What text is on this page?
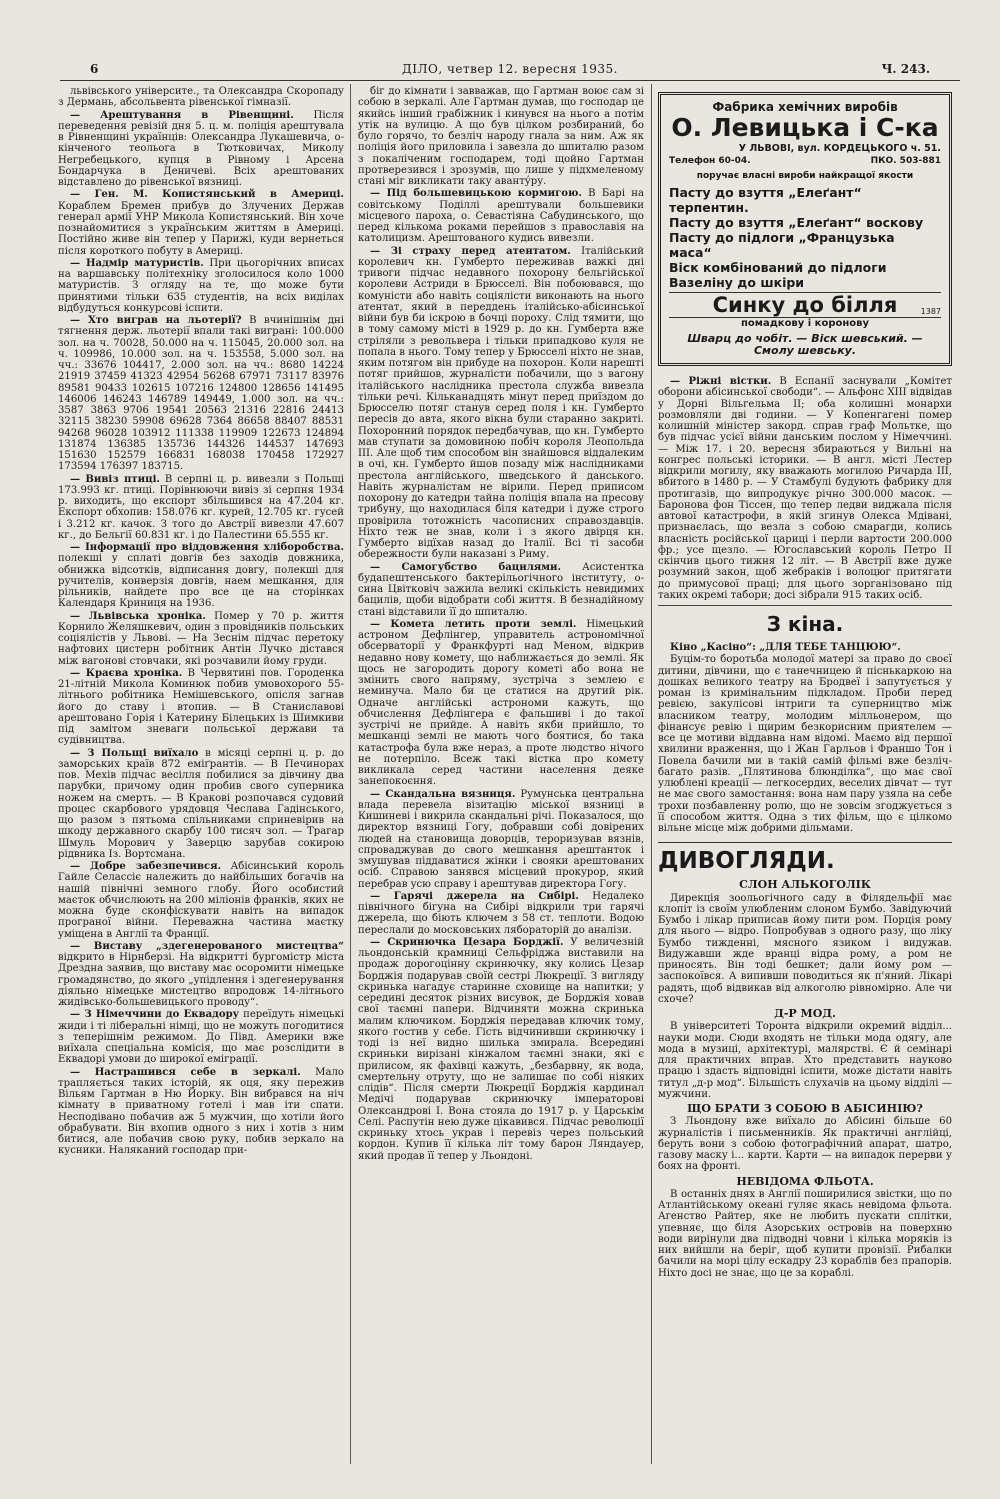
6	ДІЛО, четвер 12. вересня 1935.	Ч. 243.

львівського університе., та Олександра Скоропаду з Дермань, абсольвента рівенської гімназії.

— Арештування в Рівенщині. Після переведення ревізій дня 5. ц. м. поліція арештувала в Рівненщині українців: Олександра Лукашевича, о-кінченого теольога в Тютковичах, Миколу Негребецького, купця в Рівному і Арсена Бондарчука в Деничеві. Всіх арештованих відставлено до рівенської вязниці.

— Ген. М. Копистянський в Америці. Кораблем Бремен прибув до Злучених Держав генерал армії УНР Микола Копистянський. Він хоче познайомитися з українським життям в Америці. Постійно живе він тепер у Парижі, куди вернеться після короткого побуту в Америці.

— Надмір матуристів. При цьогорічних вписах на варшавську політехніку зголосилося коло 1000 матуристів. З огляду на те, що може бути принятими тільки 635 студентів, на всіх виділах відбудуться конкурсові іспити.

— Хто виграв на льотерії? В вчинішнім дні тягнення держ. льотерії впали такі виграні: 100.000 зол. на ч. 70028, 50.000 на ч. 115045, 20.000 зол. на ч. 109986, 10.000 зол. на ч. 153558, 5.000 зол. на чч.: 33676 104417, 2.000 зол. на чч.: 8680 14224 21919 37459 41323 42954 56268 67971 73117 83976 89581 90433 102615 107216 124800 128656 141495 146006 146243 146789 149449, 1.000 зол. на чч.: 3587 3863 9706 19541 20563 21316 22816 24413 32115 38230 59908 69628 7364 86658 88407 88531 94268 96028 103912 111338 119909 122673 124894 131874 136385 135736 144326 144537 147693 151630 152579 166831 168038 170458 172927 173594 176397 183715.

— Вивіз птиці. В серпні ц. р. вивезли з Польщі 173.993 кг. птиці. Порівнюючи вивіз зі серпня 1934 р. виходить, що експорт збільшився на 47.204 кг. Експорт обхопив: 158.076 кг. курей, 12.705 кг. гусей і 3.212 кг. качок. З того до Австрії вивезли 47.607 кг., до Бельгії 60.831 кг. і до Палестини 65.555 кг.

— Інформації про віддовження хліборобства. полекші у сплаті довгів без заходів довжника, обнижка відсотків, відписання довгу, полекші для ручителів, конверзія довгів, наем мешкання, для рільників, найдете про все це на сторінках Календаря Криниця на 1936.

— Львівська хроніка. Помер у 70 р. життя Корнило Желяшкевич, один з провідників польських соціялістів у Львові. — На Зеснім підчас перетоку нафтових цистерн робітник Антін Лучко дістався між вагонові стовчаки, які розчавили йому груди.

— Краєва хроніка. В Червятині пов. Городенка 21-літній Микола Коминюк побив умовохорого 55-літнього робітника Немішевського, опісля загнав його до ставу і втопив. — В Станиславові арештовано Горія і Катерину Білецьких із Шимкиви під замітом зневаги польської держави та судівництва.

— З Польщі виїхало в місяці серпні ц. р. до заморських країв 872 еміґрантів. — В Печинорах пов. Мехів підчас весілля побилися за дівчину два парубки, причому один пробив свого суперника ножем на смерть. — В Кракові розпочався судовий процес скарбового урядовця Чеслава Гадінського, що разом з пятьома спільниками сприневірив на шкоду державного скарбу 100 тисяч зол. — Трагар Шмуль Морович у Заверцю зарубав сокирою рідвника Із. Вортсмана.

— Добре забезпечився. Абісинський король Гайле Селассіє належить до найбільших богачів на нашій північні земного глобу. Його особистий маєток обчислюють на 200 міліонів франків, яких не можна буде сконфіскувати навіть на випадок програної війни. Переважна частина маєтку уміщена в Англії та Франції.

— Виставу „здегенерованого мистецтва“ відкрито в Нірнберзі. На відкритті бургомістр міста Дрездна заявив, що виставу має осоромити німецьке громадянство, до якого „упідлення і здегенерування діяльно німецьке мистецтво впродовж 14-літнього жидівсько-большевицького проводу“.

— З Німеччини до Еквадору переїдуть німецькі жиди і ті ліберальні німці, що не можуть погодитися з теперішнім режимом. Дo Півд. Америки вже виїхала спеціальна комісія, що має розслідити в Еквадорі умови до широкої еміграції.

— Настрашився себе в зеркалі. Мало трапляється таких історій, як оця, яку пережив Вільям Гартман в Ню Йорку. Він вибрався на ніч кімнату в приватному готелі і мав іти спати. Несподівано побачив аж 5 мужчин, що хотіли його обрабувати. Він вхопив одного з них і хотів з ним битися, але побачив свою руку, побив зеркало на кусники. Наляканий господар при-

біг до кімнати і завважав, що Гартман воює сам зі собою в зеркалі. Але Гартман думав, що господар це якийсь інший грабіжник і кинувся на нього а потім утік на вулицю. А що був цілком розбираний, бо було горячо, то безліч народу гнала за ним. Аж як поліція його приловила і завезла до шпиталю разом з покаліченим господарем, тоді щойно Гартман протверезився і зрозумів, що лише у підхмеленому стані міг викликати таку аванту́ру.

— Під большевицькою кормигою. В Барі на совітському Поділлі арештували большевики місцевого пароха, о. Севастіяна Сабудинського, що перед кількома роками перейшов з православія на католицизм. Арештованого кудись вивезли.

— Зі страху перед атентатом. Італійський королевич кн. Гумберто переживав важкі дні тривоги підчас недавного похорону бельгійської королеви Астриди в Брюсселі. Він побоювався, що комуністи або навіть соціялісти виконають на нього атентат, який в переддень італійсько-абісинської війни був би іскрою в бочці пороху. Слід тямити, що в тому самому місті в 1929 р. до кн. Гумберта вже стріляли з револьвера і тільки припадково куля не попала в нього. Тому тепер у Брюсселі ніхто не знав, яким потягом він прибуде на похорон. Коли нарешті потяг прийшов, журналісти побачили, що з вагону італійського наслідника престола служба вивезла тільки речі. Кільканадцять мінут перед приїздом до Брюсселю потяг станув серед поля і кн. Гумберто пересів до авта, якого вікна були старанно закриті. Похоронний порядок передбачував, що кн. Гумберто мав ступати за домовиною побіч короля Леопольда III. Але щоб тим способом він знайшовся віддалеким в очі, кн. Гумберто йшов позаду між наслідниками престола англійського, шведського й данського. Навіть журналістам не вірили. Перед приписом похорону до катедри тайна поліція впала на пресову трибуну, що находилася біля катедри і дуже строго провірила тотожність часописних справоздавців. Ніхто теж не знав, коли і з якого двірця кн. Гумберто відїхав назад до Італії. Всі ті засоби обережности були наказані з Риму.

— Самогубство бацилями. Асистентка будапештенського бактерільогічного інституту, о-сина Цвітковіч зажила великі скількість невидимих бацилів, щоби відобрати собі життя. В безнадійному стані відставили її до шпиталю.

— Комета летить проти землі. Німецький астроном Дефлінгер, управитель астрономічної обсерваторії у Франкфурті над Меном, відкрив недавно нову комету, що наближається до землі. Як щось не загородить дорогу кометі або вона не змінить свого напряму, зустріча з землею є неминуча. Мало би це статися на другий рік. Одначе англійські астрономи кажуть, що обчислення Дефлінгера є фальшиві і до такої зустрічі не прийде. А навіть якби прийшло, то мешканці землі не мають чого боятися, бо така катастрофа була вже нераз, а проте людство нічого не потерпіло. Всеж такі вістка про комету викликала серед частини населення деяке занепокоєння.

— Скандальна вязниця. Румунська центральна влада перевела візитацію міської вязниці в Кишиневі і викрила скандальні річі. Показалося, що директор вязниці Гогу, добравши собі довірених людей на становища доворців, тероризував вязнів, спроваджував до свого мешкання арештанток і змушував піддаватися жінки і свояки арештованих осіб. Справою занявся місцевий прокурор, який перебрав усю справу і арештував директора Гогу.

— Гарячі джерела на Сибірі. Недалеко північного бігуна на Сибірі відкрили три гарячі джерела, що біють ключем з 58 ст. теплоти. Водою переслали до московських лябораторій до аналізи.

— Скринючка Цезара Борджії. У величезній льондонській крамниці Сельфріджа виставили на продаж дорогоцінну скринючку, яку колись Цезар Борджія подарував своїй сестрі Люкреції. З вигляду скринька нагадує старинне сховище на напитки; у середині десяток різних висувок, де Борджія ховав свої таємні папери. Відчиняти можна скринька малим ключиком. Борджія передавав ключик тому, якого гостив у себе. Гість відчинивши скринючку і тоді із неї видно шилька змирала. Всередині скриньки вирізані кінжалом таємні знаки, які є прилисом, як фахівці кажуть, „безбарвну, як вода, смертельну отруту, що не залишає по собі ніяких слідів“. Після смерти Люкреції Борджія кардинал Медічі подарував скринючку імператорові Олександрові І. Вона стояла до 1917 р. у Царськім Селі. Распутін нею дуже цікавився. Підчас революції скринькy хтось украв і перевіз через польський кордон. Купив її кілька літ тому барон Ляндауер, який продав її тепер у Льондоні.

Фабрика хемічних виробів
О. Левицька і С-ка
У ЛЬВОВІ, вул. КОРДЕЦЬКОГО ч. 51.
Телефон 60-04.	ПКО. 503-881
поручає власні вироби найкращої якости
Пасту до взуття „Елеґант“ терпентин.
Пасту до взуття „Елеґант“ воскову
Пасту до підлоги „Французька маса“
Віск комбінований до підлоги
Вазеліну до шкіри
Синку до білля
помадкову і коронову
1387
Шварц до чобіт. — Віск шевський. — Смолу шевську.

— Ріжні вістки. В Еспанії заснували „Комітет оборони абісинської свободи“. — Альфонс XIII відвідав у Дорні Вільгельма II; оба колишні монархи розмовляли дві години. — У Копенгагені помер колишній міністер закорд. справ граф Мольтке, що був підчас усієї війни данським послом у Німеччині. — Між 17. і 20. вересня збираються у Вильні на конгрес польські історики. — В англ. місті Лестер відкрили могилу, яку вважають могилою Ричарда III, вбитого в 1480 р. — У Стамбулі будують фабрику для протигазів, що випродукує річно 300.000 масок. — Баронова фон Тіссен, що тепер ледви виджала після автової катастрофи, в якій згинув Олекса Мдівані, признаєлась, що везла з собою смарагди, колись власність російської цариці і перли вартости 200.000 фр.; усе щезло. — Югославський король Петро ІІ скінчив цього тижня 12 літ. — В Австрії вже дуже розумний закон, щоб жебраків і волоцюг притягати до примусової праці; для цього зорганізовано під таких окремі табори; досі зібрали 915 таких осіб.

З кіна.

Кіно „Касіно“: „ДЛЯ ТЕБЕ ТАНЦЮЮ“.

Буцім-то боротьба молодої матері за право до своєї дитини, дівчини, що є танечницею й піснькаркою на дошках великого театру на Бродвеї і запутується у роман із кримінальним підкладом. Проби перед ревією, закулісові інтриги та суперництво між власником театру, молодим мілльонером, що фінансує ревію і щирим безкорисним приятелем — все це мотиви віддавна нам відомі. Маємо від першої хвилини враження, що і Жан Гарльов і Франшо Тон і Повела бачили ми в такій самій фільмі вже безліч-багато разів. „Плятинова блюнділка“, що має свої улюблені креації — легкосердих, веселих дівчат — тут не має свого замостання: вона нам пару узяла на себе трохи позбавленну ролю, що не зовсім згоджується з її способом життя. Одна з тих фільм, що є цілкомо вільне місце між добрими дільмами.

ДИВОГЛЯДИ.
СЛОН АЛЬКОГОЛІК

Дирекція зоольогічного саду в Філядельфії має клопіт із своїм улюбленим слоном Бумбо. Завідуючий Бумбо і лікар приписав йому пити ром. Порція рому для нього — відро. Попробував з одного разу, що ліку Бумбо тижденні, мясного язиком і видужав. Видужавши жде вранці відра рому, а ром не приносять. Він тоді бешкет; дали йому ром — заспокоївся. А випивши поводиться як п'яний. Лікарі радять, щоб відвикав від алкоголю рівномірно. Але чи схоче?

Д-Р МОД.

В університеті Торонта відкрили окремий відділ... науки моди. Сюди входять не тільки мода одягу, але мода в музиці, архітектурі, малярстві. Є й семінарі для практичних вправ. Хто представить науково працю і здасть відповідні іспити, може дістати навіть титул „д-р мод“. Більшість слухачів на цьому відділі — мужчини.

ЩО БРАТИ З СОБОЮ В АБІСИНІЮ?

З Льондону вже виїхало до Абісині більше 60 журналістів і письменників. Як практичні англійці, беруть вони з собою фотографічний апарат, шатро, газову маску і... карти. Карти — на випадок перерви у боях на фронті.

НЕВІДОМА ФЛЬОТА.

В останніх днях в Англії поширилися звістки, що по Атлантійському океані гуляє якась невідома фльота. Агенство Райтер, яке не любить пускати сплітки, упевняє, що біля Азорських островів на поверхню води вирінули два підводні човни і кілька моряків із них вийшли на беріг, щоб купити провізії. Рибалки бачили на морі цілу ескадру 23 кораблів без прапорів. Ніхто досі не знає, що це за кораблі.
